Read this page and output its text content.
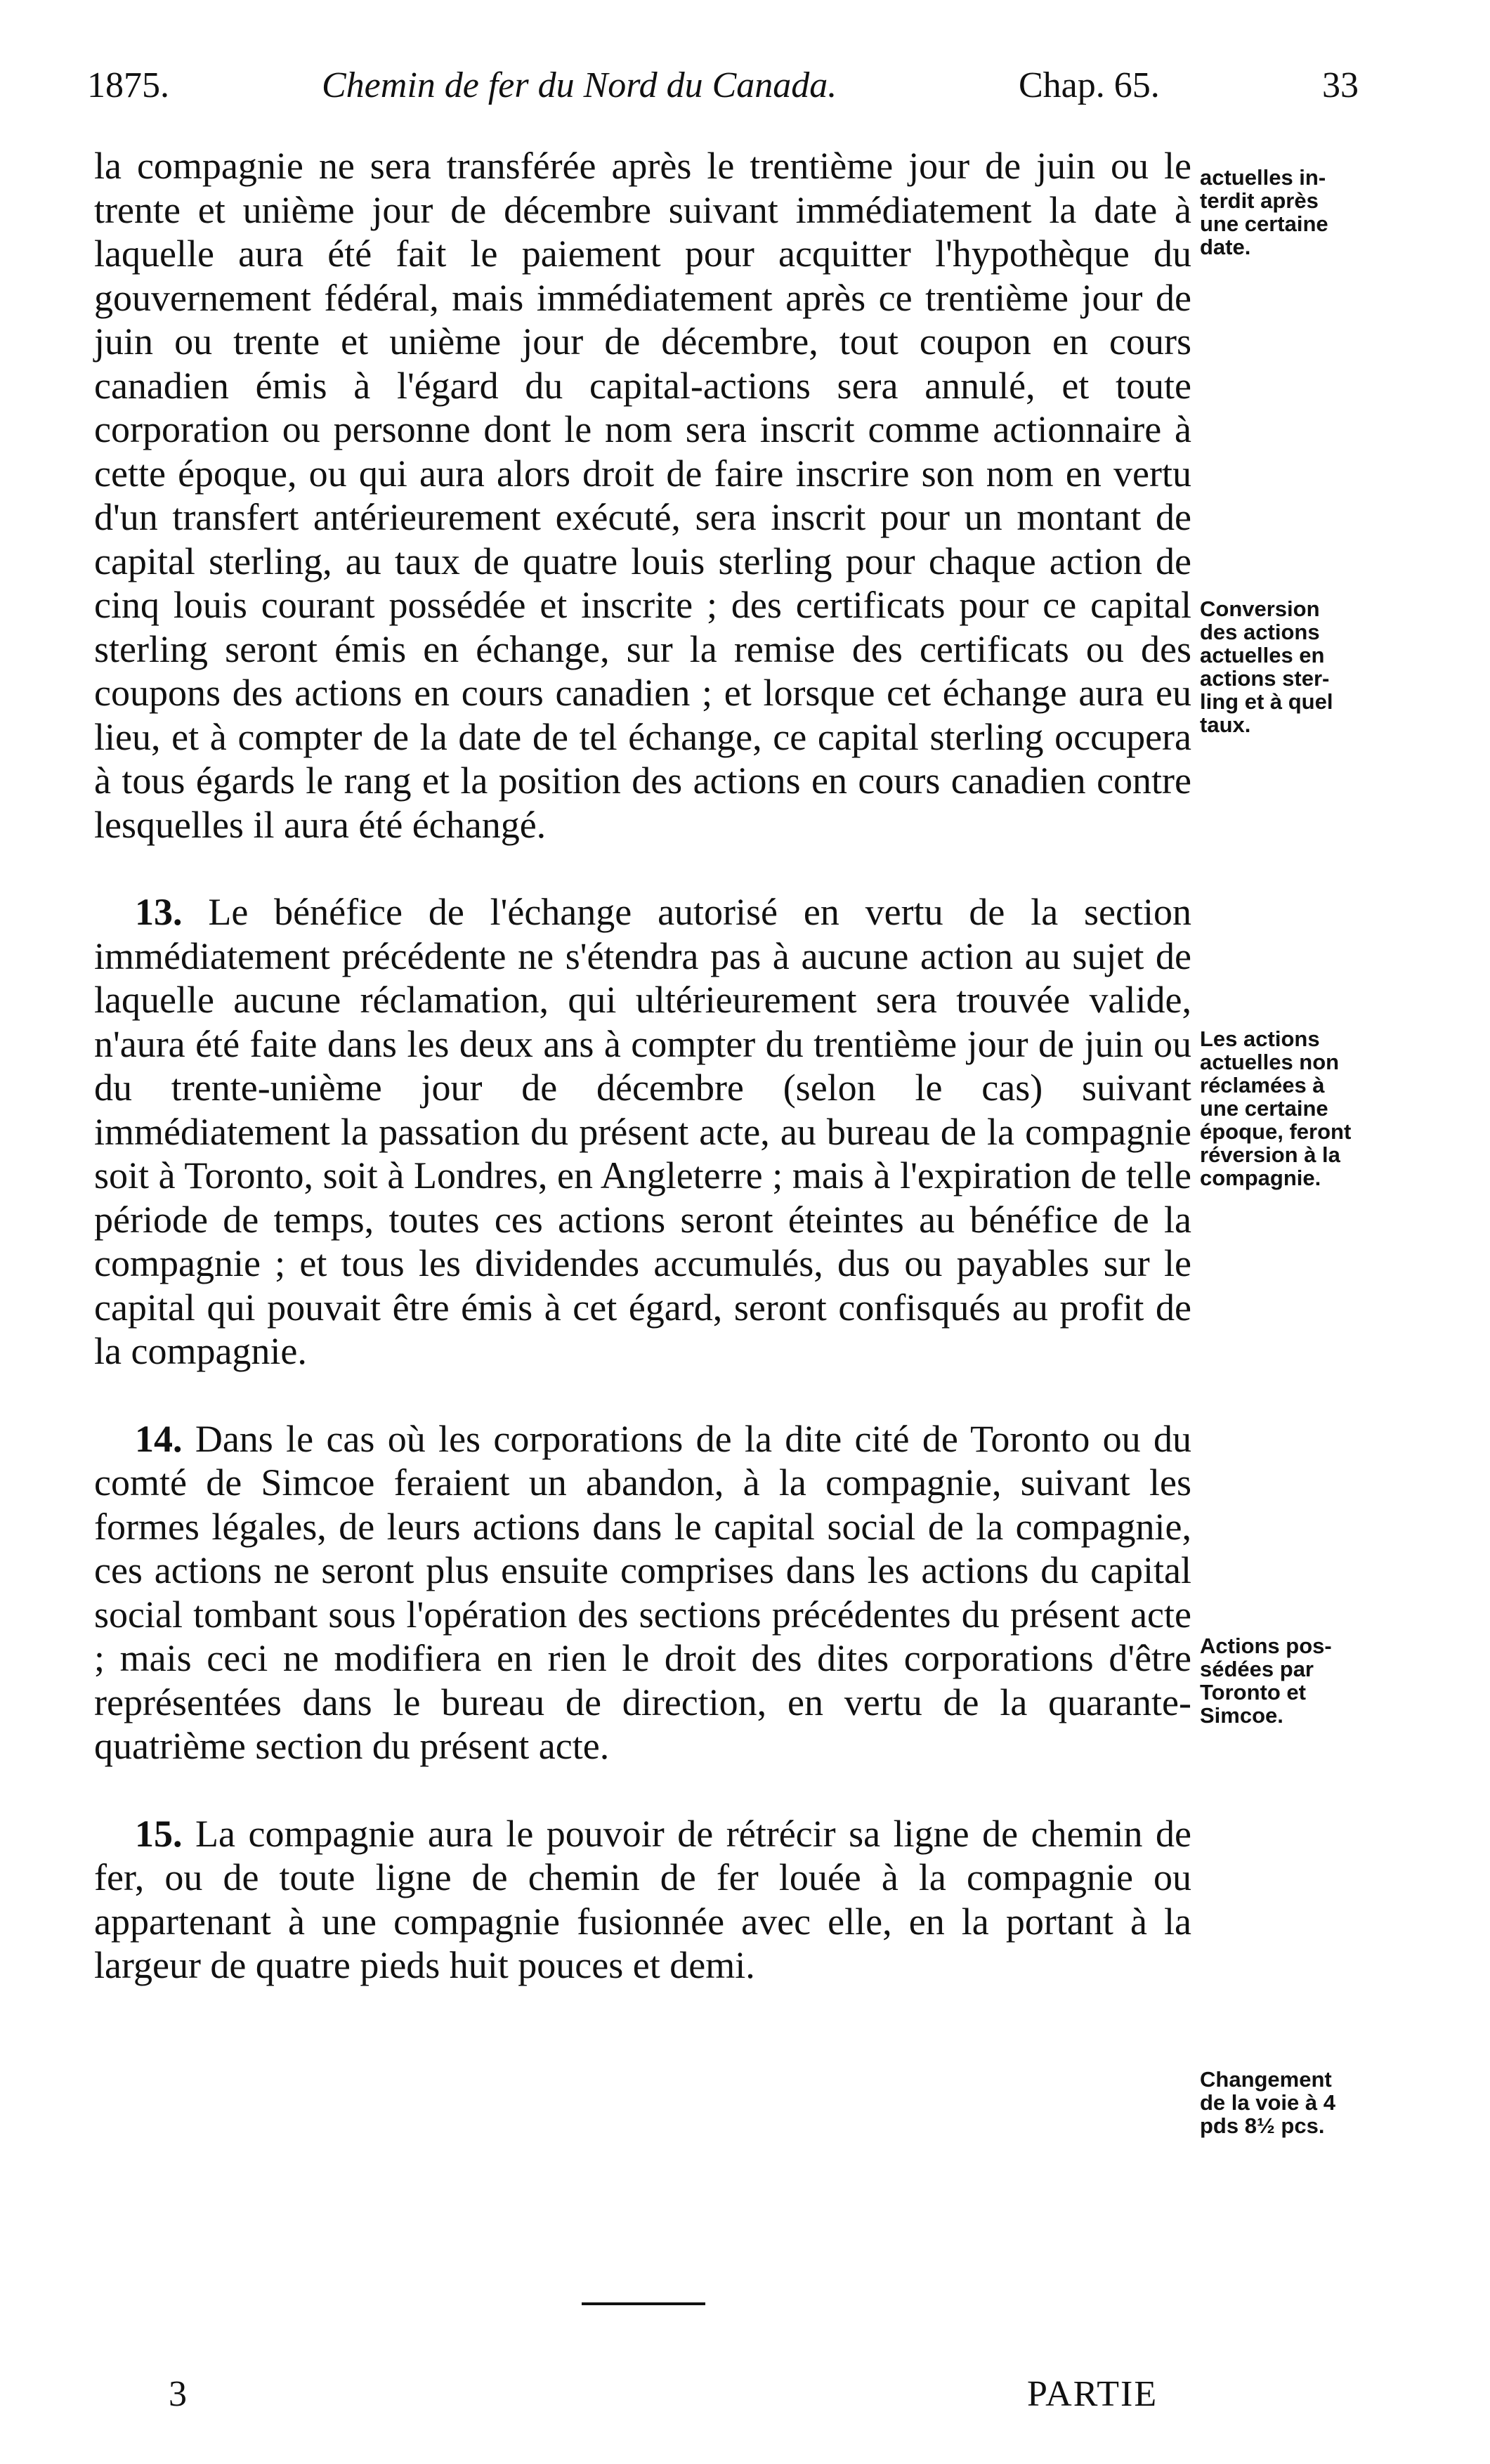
1875.	Chemin de fer du Nord du Canada.	Chap. 65.	33

la compagnie ne sera transférée après le trentième jour de juin ou le trente et unième jour de décembre suivant immédiatement la date à laquelle aura été fait le paiement pour acquitter l'hypothèque du gouvernement fédéral, mais immédiatement après ce trentième jour de juin ou trente et unième jour de décembre, tout coupon en cours canadien émis à l'égard du capital-actions sera annulé, et toute corporation ou personne dont le nom sera inscrit comme actionnaire à cette époque, ou qui aura alors droit de faire inscrire son nom en vertu d'un transfert antérieurement exécuté, sera inscrit pour un montant de capital sterling, au taux de quatre louis sterling pour chaque action de cinq louis courant possédée et inscrite ; des certificats pour ce capital sterling seront émis en échange, sur la remise des certificats ou des coupons des actions en cours canadien ; et lorsque cet échange aura eu lieu, et à compter de la date de tel échange, ce capital sterling occupera à tous égards le rang et la position des actions en cours canadien contre lesquelles il aura été échangé.

13. Le bénéfice de l'échange autorisé en vertu de la section immédiatement précédente ne s'étendra pas à aucune action au sujet de laquelle aucune réclamation, qui ultérieurement sera trouvée valide, n'aura été faite dans les deux ans à compter du trentième jour de juin ou du trente-unième jour de décembre (selon le cas) suivant immédiatement la passation du présent acte, au bureau de la compagnie soit à Toronto, soit à Londres, en Angleterre ; mais à l'expiration de telle période de temps, toutes ces actions seront éteintes au bénéfice de la compagnie ; et tous les dividendes accumulés, dus ou payables sur le capital qui pouvait être émis à cet égard, seront confisqués au profit de la compagnie.

14. Dans le cas où les corporations de la dite cité de Toronto ou du comté de Simcoe feraient un abandon, à la compagnie, suivant les formes légales, de leurs actions dans le capital social de la compagnie, ces actions ne seront plus ensuite comprises dans les actions du capital social tombant sous l'opération des sections précédentes du présent acte ; mais ceci ne modifiera en rien le droit des dites corporations d'être représentées dans le bureau de direction, en vertu de la quarante-quatrième section du présent acte.

15. La compagnie aura le pouvoir de rétrécir sa ligne de chemin de fer, ou de toute ligne de chemin de fer louée à la compagnie ou appartenant à une compagnie fusionnée avec elle, en la portant à la largeur de quatre pieds huit pouces et demi.

actuelles in-
terdit après
une certaine
date.
Conversion
des actions
actuelles en
actions ster-
ling et à quel
taux.
Les actions
actuelles non
réclamées à
une certaine
époque, feront
réversion à la
compagnie.
Actions pos-
sédées par
Toronto et
Simcoe.
Changement
de la voie à 4
pds 8½ pcs.
3	PARTIE
